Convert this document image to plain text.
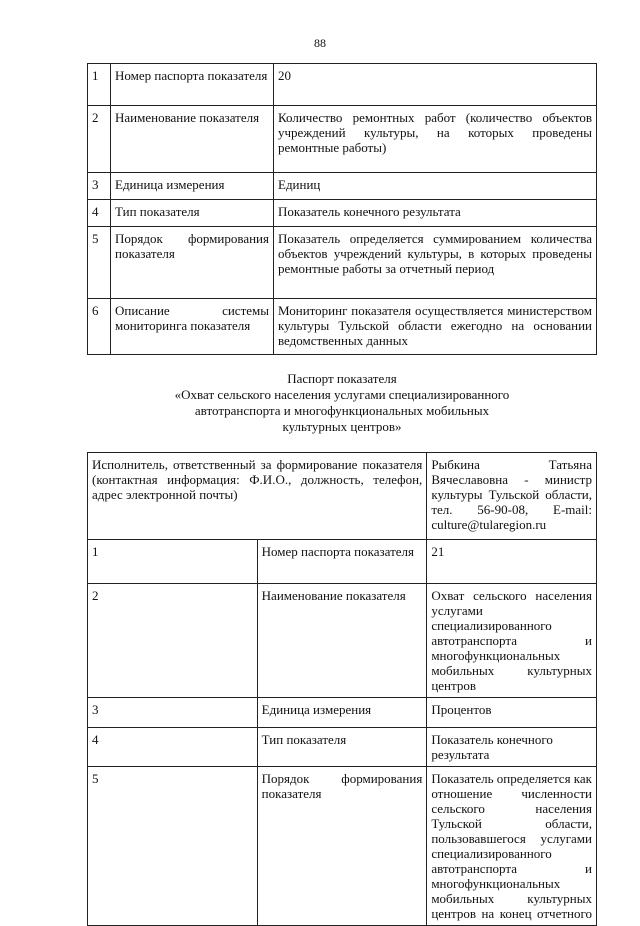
88
1	Номер паспорта показателя	20
2	Наименование показателя	Количество ремонтных работ (количество объектов учреждений культуры, на которых проведены ремонтные работы)
3	Единица измерения	Единиц
4	Тип показателя	Показатель конечного результата
5	Порядок формирования показателя	Показатель определяется суммированием количества объектов учреждений культуры, в которых проведены ремонтные работы за отчетный период
6	Описание системы мониторинга показателя	Мониторинг показателя осуществляется министерством культуры Тульской области ежегодно на основании ведомственных данных
Паспорт показателя
«Охват сельского населения услугами специализированного
автотранспорта и многофункциональных мобильных
культурных центров»
Исполнитель, ответственный за формирование показателя (контактная информация: Ф.И.О., должность, телефон, адрес электронной почты)		Рыбкина Татьяна Вячеславовна - министр культуры Тульской области, тел. 56-90-08, E-mail: culture@tularegion.ru
1	Номер паспорта показателя	21
2	Наименование показателя	Охват сельского населения услугами специализированного автотранспорта и многофункциональных мобильных культурных центров
3	Единица измерения	Процентов
4	Тип показателя	Показатель конечного результата
5	Порядок формирования показателя	Показатель определяется как отношение численности сельского населения Тульской области, пользовавшегося услугами специализированного автотранспорта и многофункциональных мобильных культурных центров на конец отчетного
